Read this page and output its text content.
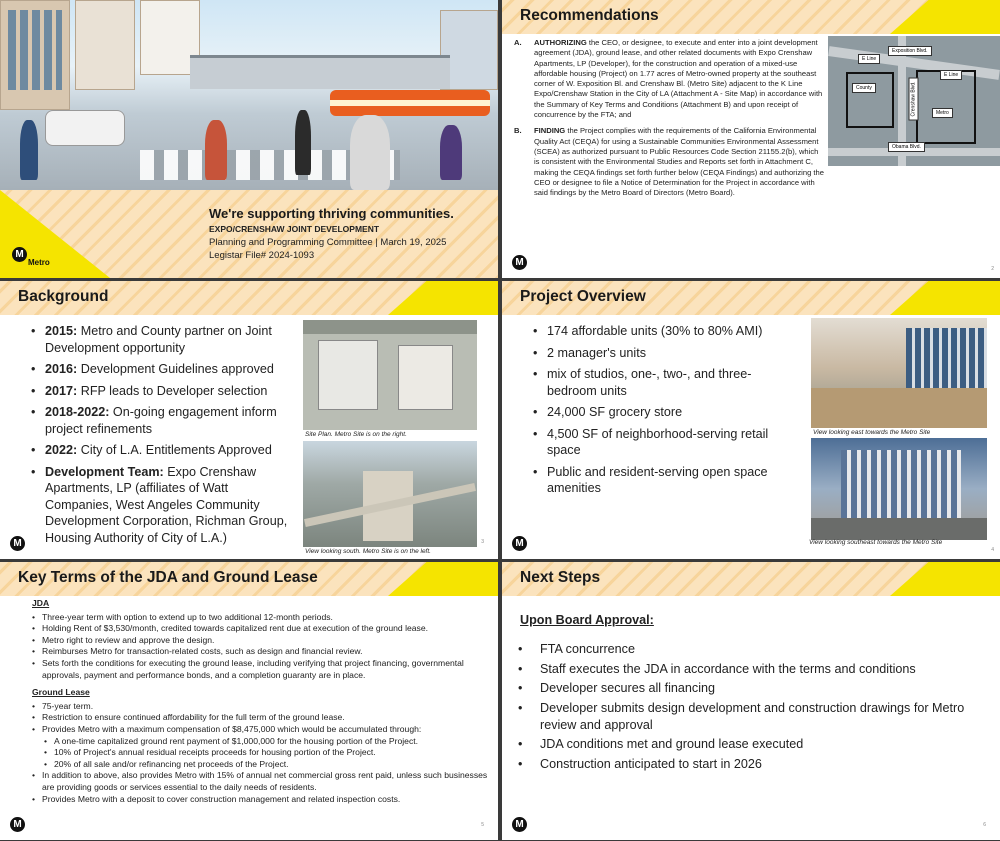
We're supporting thriving communities.
EXPO/CRENSHAW JOINT DEVELOPMENT
Planning and Programming Committee | March 19, 2025
Legistar File# 2024-1093
M
Metro
Recommendations
A. AUTHORIZING the CEO, or designee, to execute and enter into a joint development agreement (JDA), ground lease, and other related documents with Expo Crenshaw Apartments, LP (Developer), for the construction and operation of a mixed-use affordable housing (Project) on 1.77 acres of Metro-owned property at the southeast corner of W. Exposition Bl. and Crenshaw Bl. (Metro Site) adjacent to the K Line Expo/Crenshaw Station in the City of LA (Attachment A - Site Map) in accordance with the Summary of Key Terms and Conditions (Attachment B) and upon receipt of concurrence by the FTA; and
B. FINDING the Project complies with the requirements of the California Environmental Quality Act (CEQA) for using a Sustainable Communities Environmental Assessment (SCEA) as authorized pursuant to Public Resources Code Section 21155.2(b), which is consistent with the Environmental Studies and Reports set forth in Attachment C, making the CEQA findings set forth further below (CEQA Findings) and authorizing the CEO or designee to file a Notice of Determination for the Project in accordance with said findings by the Metro Board of Directors (Metro Board).
Exposition Blvd.
E Line
E Line
County
Metro
Crenshaw Blvd.
Obama Blvd.
M
2
Background
• 2015: Metro and County partner on Joint Development opportunity
• 2016: Development Guidelines approved
• 2017: RFP leads to Developer selection
• 2018-2022: On-going engagement inform project refinements
• 2022: City of L.A. Entitlements Approved
• Development Team: Expo Crenshaw Apartments, LP (affiliates of Watt Companies, West Angeles Community Development Corporation, Richman Group, Housing Authority of City of L.A.)
Site Plan. Metro Site is on the right.
View looking south. Metro Site is on the left.
M	3
Project Overview
• 174 affordable units (30% to 80% AMI)
• 2 manager's units
• mix of studios, one-, two-, and three-bedroom units
• 24,000 SF grocery store
• 4,500 SF of neighborhood-serving retail space
• Public and resident-serving open space amenities
View looking east towards the Metro Site
View looking southeast towards the Metro Site
M
4
Key Terms of the JDA and Ground Lease
JDA
• Three-year term with option to extend up to two additional 12-month periods.
• Holding Rent of $3,530/month, credited towards capitalized rent due at execution of the ground lease.
• Metro right to review and approve the design.
• Reimburses Metro for transaction-related costs, such as design and financial review.
• Sets forth the conditions for executing the ground lease, including verifying that project financing, governmental approvals, payment and performance bonds, and a completion guaranty are in place.
Ground Lease
• 75-year term.
• Restriction to ensure continued affordability for the full term of the ground lease.
• Provides Metro with a maximum compensation of $8,475,000 which would be accumulated through:
• A one-time capitalized ground rent payment of $1,000,000 for the housing portion of the Project.
• 10% of Project's annual residual receipts proceeds for housing portion of the Project.
• 20% of all sale and/or refinancing net proceeds of the Project.
• In addition to above, also provides Metro with 15% of annual net commercial gross rent paid, unless such businesses are providing goods or services essential to the daily needs of residents.
• Provides Metro with a deposit to cover construction management and related inspection costs.
M	5
Next Steps
Upon Board Approval:
• FTA concurrence
• Staff executes the JDA in accordance with the terms and conditions
• Developer secures all financing
• Developer submits design development and construction drawings for Metro review and approval
• JDA conditions met and ground lease executed
• Construction anticipated to start in 2026
M	6
